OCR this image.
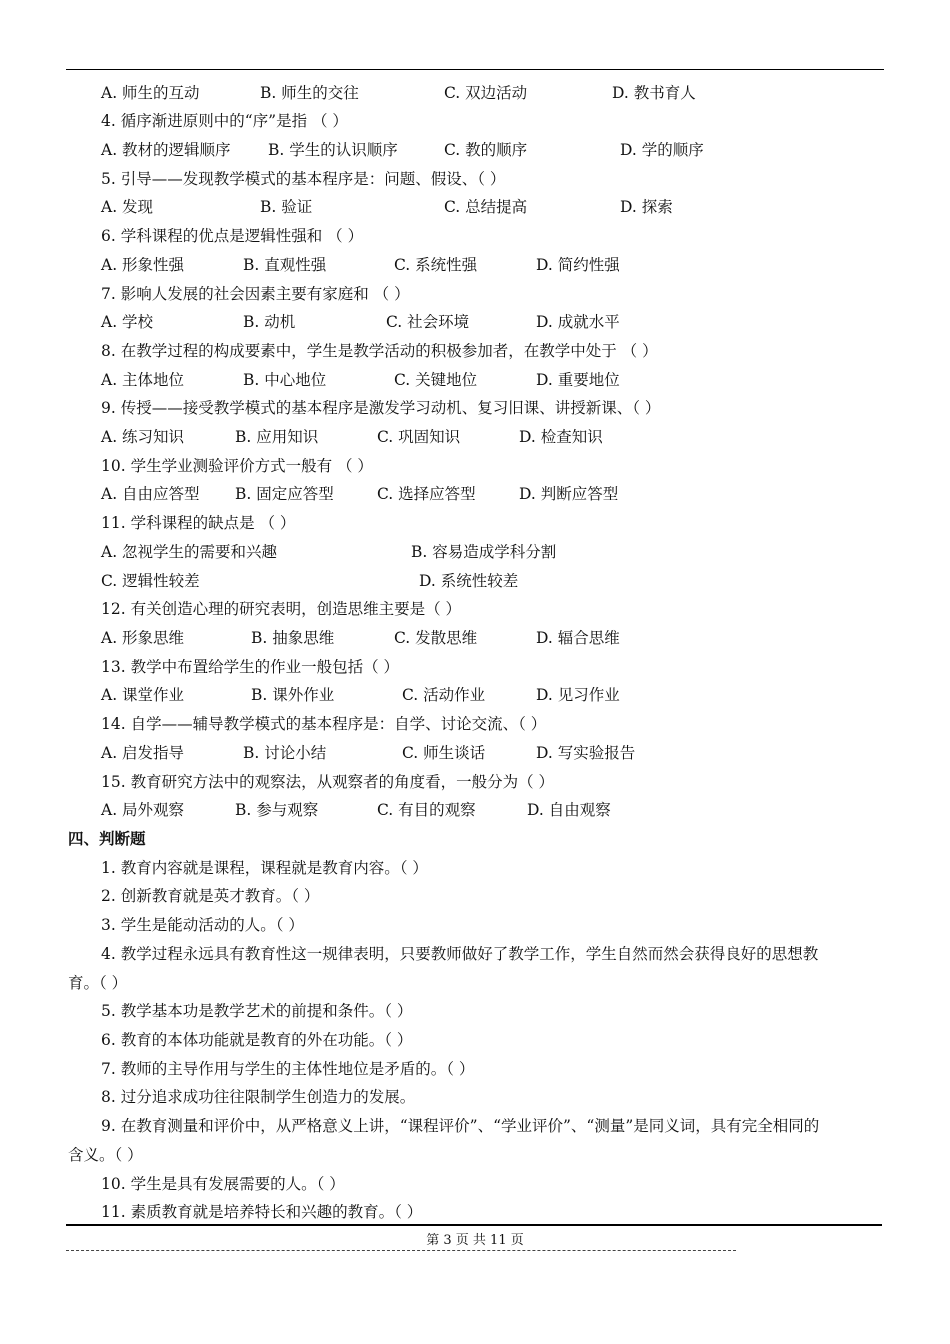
A. 师生的互动	B. 师生的交往	C. 双边活动	D. 教书育人
4. 循序渐进原则中的“序”是指 （ ）
A. 教材的逻辑顺序 B. 学生的认识顺序	C. 教的顺序	D. 学的顺序
5. 引导——发现教学模式的基本程序是：问题、假设、（ ）
A. 发现	B. 验证	C. 总结提高	D. 探索
6. 学科课程的优点是逻辑性强和 （ ）
A. 形象性强	B. 直观性强	C. 系统性强	D. 简约性强
7. 影响人发展的社会因素主要有家庭和 （ ）
A. 学校	B. 动机	C. 社会环境	D. 成就水平
8. 在教学过程的构成要素中，学生是教学活动的积极参加者，在教学中处于 （ ）
A. 主体地位	B. 中心地位	C. 关键地位	D. 重要地位
9. 传授——接受教学模式的基本程序是激发学习动机、复习旧课、讲授新课、（ ）
A. 练习知识	B. 应用知识	C. 巩固知识	D. 检查知识
10. 学生学业测验评价方式一般有 （ ）
A. 自由应答型 B. 固定应答型	C. 选择应答型	D. 判断应答型
11. 学科课程的缺点是 （ ）
A. 忽视学生的需要和兴趣	B. 容易造成学科分割
C. 逻辑性较差	D. 系统性较差
12. 有关创造心理的研究表明，创造思维主要是（ ）
A. 形象思维	B. 抽象思维	C. 发散思维	D. 辐合思维
13. 教学中布置给学生的作业一般包括（ ）
A. 课堂作业	B. 课外作业	C. 活动作业	D. 见习作业
14. 自学——辅导教学模式的基本程序是：自学、讨论交流、（ ）
A. 启发指导	B. 讨论小结	C. 师生谈话	D. 写实验报告
15. 教育研究方法中的观察法，从观察者的角度看，一般分为（ ）
A. 局外观察	B. 参与观察	C. 有目的观察	D. 自由观察
四、判断题
1. 教育内容就是课程，课程就是教育内容。（ ）
2. 创新教育就是英才教育。（ ）
3. 学生是能动活动的人。（ ）
4. 教学过程永远具有教育性这一规律表明，只要教师做好了教学工作，学生自然而然会获得良好的思想教
育。（ ）
5. 教学基本功是教学艺术的前提和条件。（ ）
6. 教育的本体功能就是教育的外在功能。（ ）
7. 教师的主导作用与学生的主体性地位是矛盾的。（ ）
8. 过分追求成功往往限制学生创造力的发展。
9. 在教育测量和评价中，从严格意义上讲，“课程评价”、“学业评价”、“测量”是同义词，具有完全相同的
含义。（ ）
10. 学生是具有发展需要的人。（ ）
11. 素质教育就是培养特长和兴趣的教育。（ ）
第 3 页 共 11 页
